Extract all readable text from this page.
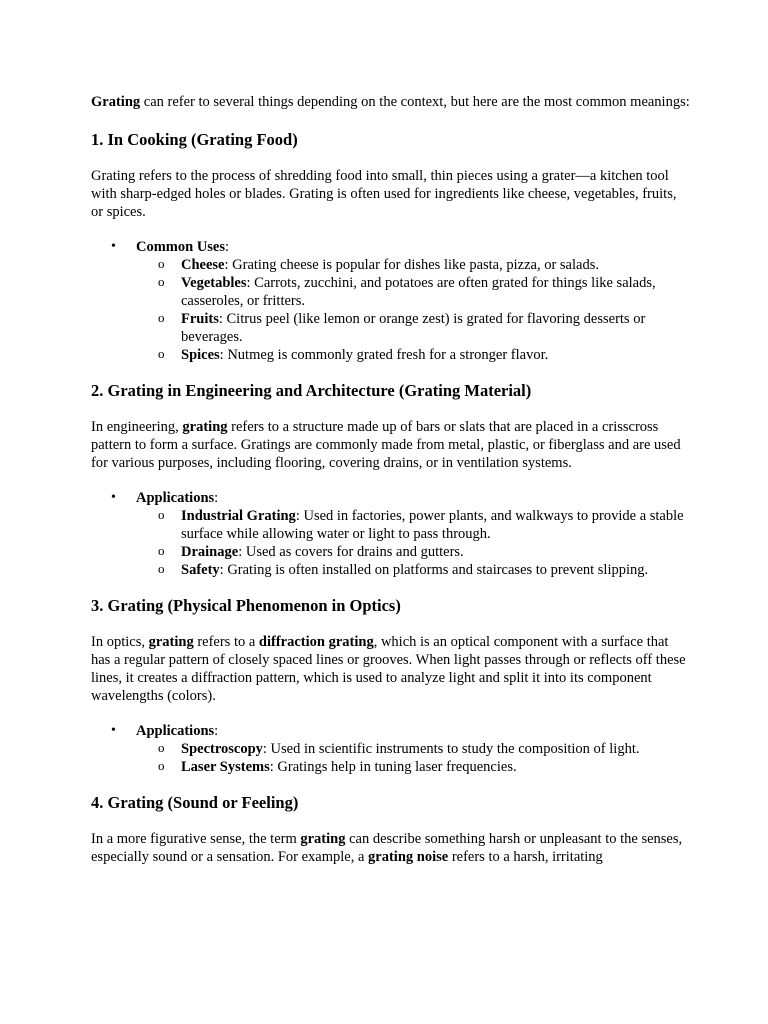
Grating can refer to several things depending on the context, but here are the most common meanings:

1. In Cooking (Grating Food)

Grating refers to the process of shredding food into small, thin pieces using a grater—a kitchen tool with sharp-edged holes or blades. Grating is often used for ingredients like cheese, vegetables, fruits, or spices.

•	Common Uses:
o Cheese: Grating cheese is popular for dishes like pasta, pizza, or salads.
o Vegetables: Carrots, zucchini, and potatoes are often grated for things like salads, casseroles, or fritters.
o Fruits: Citrus peel (like lemon or orange zest) is grated for flavoring desserts or beverages.
o Spices: Nutmeg is commonly grated fresh for a stronger flavor.
2. Grating in Engineering and Architecture (Grating Material)

In engineering, grating refers to a structure made up of bars or slats that are placed in a crisscross pattern to form a surface. Gratings are commonly made from metal, plastic, or fiberglass and are used for various purposes, including flooring, covering drains, or in ventilation systems.

•	Applications:
o Industrial Grating: Used in factories, power plants, and walkways to provide a stable surface while allowing water or light to pass through.
o Drainage: Used as covers for drains and gutters.
o Safety: Grating is often installed on platforms and staircases to prevent slipping.
3. Grating (Physical Phenomenon in Optics)

In optics, grating refers to a diffraction grating, which is an optical component with a surface that has a regular pattern of closely spaced lines or grooves. When light passes through or reflects off these lines, it creates a diffraction pattern, which is used to analyze light and split it into its component wavelengths (colors).

•	Applications:
o Spectroscopy: Used in scientific instruments to study the composition of light.
o Laser Systems: Gratings help in tuning laser frequencies.
4. Grating (Sound or Feeling)

In a more figurative sense, the term grating can describe something harsh or unpleasant to the senses, especially sound or a sensation. For example, a grating noise refers to a harsh, irritating
